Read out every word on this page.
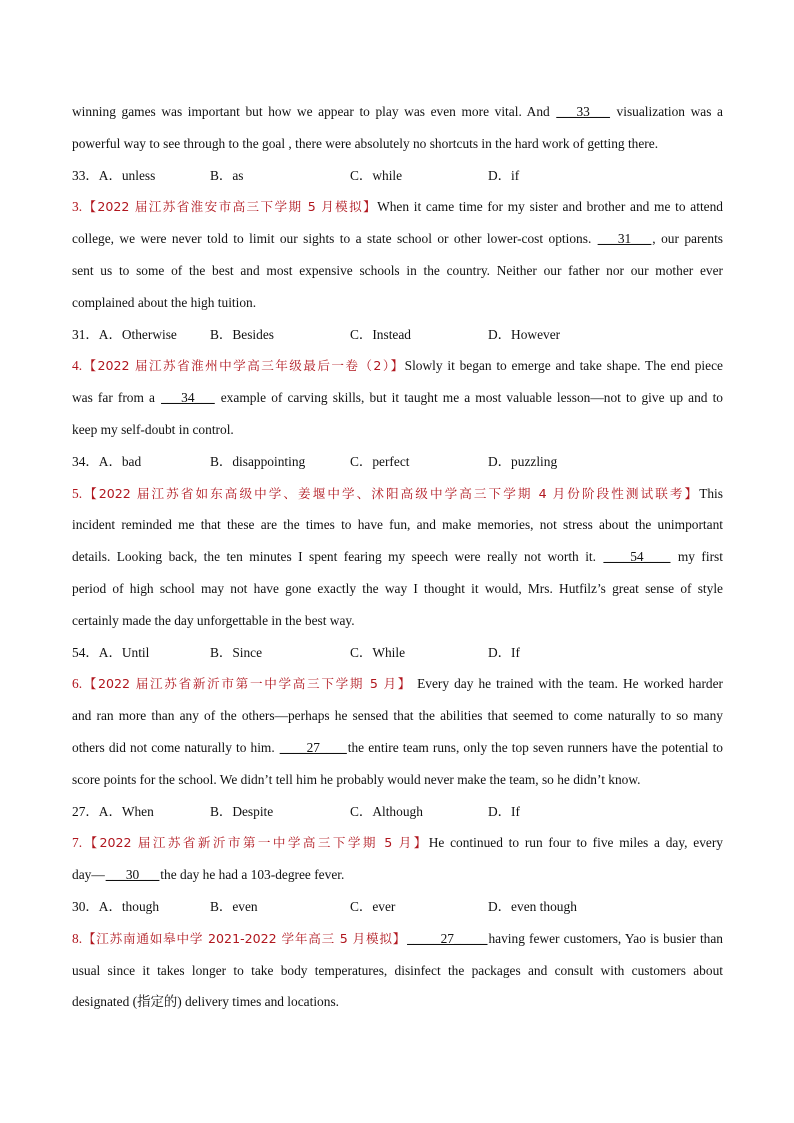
winning games was important but how we appear to play was even more vital. And ___33___ visualization was a
powerful way to see through to the goal , there were absolutely no shortcuts in the hard work of getting there.
33．A．unless	B．as	C．while	D．if
3.【2022 届江苏省淮安市高三下学期 5 月模拟】When it came time for my sister and brother and me to attend
college, we were never told to limit our sights to a state school or other lower-cost options. ___31___, our parents
sent us to some of the best and most expensive schools in the country. Neither our father nor our mother ever
complained about the high tuition.
31．A．Otherwise	B．Besides	C．Instead	D．However
4.【2022 届江苏省淮州中学高三年级最后一卷（2）】Slowly it began to emerge and take shape. The end piece
was far from a ___34___ example of carving skills, but it taught me a most valuable lesson—not to give up and to
keep my self-doubt in control.
34．A．bad	B．disappointing	C．perfect	D．puzzling
5.【2022 届江苏省如东高级中学、姜堰中学、沭阳高级中学高三下学期 4 月份阶段性测试联考】This
incident reminded me that these are the times to have fun, and make memories, not stress about the unimportant
details. Looking back, the ten minutes I spent fearing my speech were really not worth it. ____54____ my first
period of high school may not have gone exactly the way I thought it would, Mrs. Hutfilz’s great sense of style
certainly made the day unforgettable in the best way.
54．A．Until	B．Since	C．While	D．If
6.【2022 届江苏省新沂市第一中学高三下学期 5 月】 Every day he trained with the team. He worked harder
and ran more than any of the others—perhaps he sensed that the abilities that seemed to come naturally to so many
others did not come naturally to him. ____27____the entire team runs, only the top seven runners have the potential to
score points for the school. We didn’t tell him he probably would never make the team, so he didn’t know.
27．A．When	B．Despite	C．Although	D．If
7.【2022 届江苏省新沂市第一中学高三下学期 5 月】He continued to run four to five miles a day, every
day—___30___the day he had a 103-degree fever.
30．A．though	B．even	C．ever	D．even though
8.【江苏南通如皋中学 2021-2022 学年高三 5 月模拟】_____27_____having fewer customers, Yao is busier than
usual since it takes longer to take body temperatures, disinfect the packages and consult with customers about
designated (指定的) delivery times and locations.
